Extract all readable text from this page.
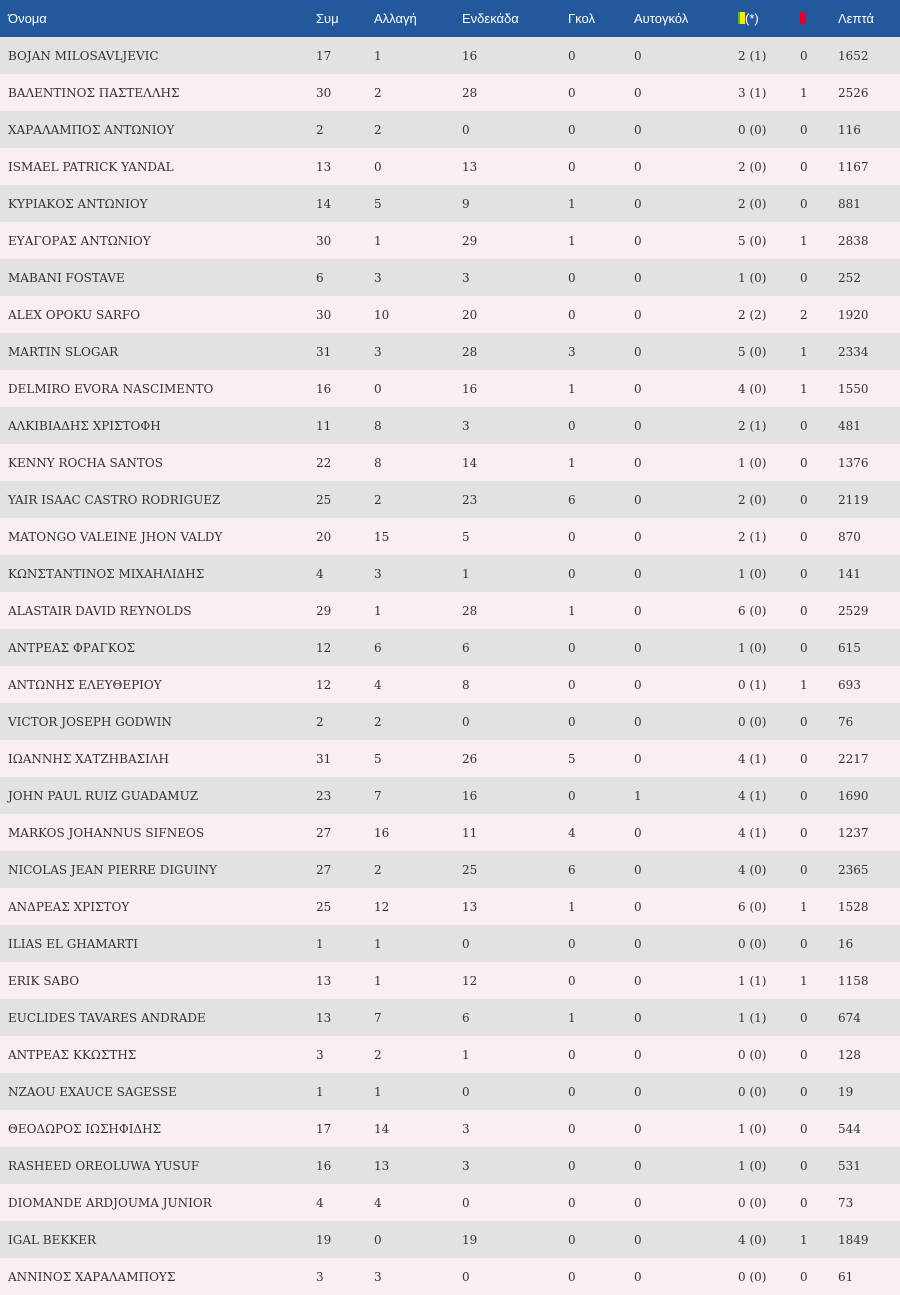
Όνομα	Συμ	Αλλαγή	Ενδεκάδα	Γκολ	Αυτογκόλ	(*)		Λεπτά
BOJAN MILOSAVLJEVIC	17	1	16	0	0	2 (1)	0	1652
ΒΑΛΕΝΤΙΝΟΣ ΠΑΣΤΕΛΛΗΣ	30	2	28	0	0	3 (1)	1	2526
ΧΑΡΑΛΑΜΠΟΣ ΑΝΤΩΝΙΟΥ	2	2	0	0	0	0 (0)	0	116
ISMAEL PATRICK YANDAL	13	0	13	0	0	2 (0)	0	1167
ΚΥΡΙΑΚΟΣ ΑΝΤΩΝΙΟΥ	14	5	9	1	0	2 (0)	0	881
ΕΥΑΓΟΡΑΣ ΑΝΤΩΝΙΟΥ	30	1	29	1	0	5 (0)	1	2838
MABANI FOSTAVE	6	3	3	0	0	1 (0)	0	252
ALEX OPOKU SARFO	30	10	20	0	0	2 (2)	2	1920
MARTIN SLOGAR	31	3	28	3	0	5 (0)	1	2334
DELMIRO EVORA NASCIMENTO	16	0	16	1	0	4 (0)	1	1550
ΑΛΚΙΒΙΑΔΗΣ ΧΡΙΣΤΟΦΗ	11	8	3	0	0	2 (1)	0	481
KENNY ROCHA SANTOS	22	8	14	1	0	1 (0)	0	1376
YAIR ISAAC CASTRO RODRIGUEZ	25	2	23	6	0	2 (0)	0	2119
MATONGO VALEINE JHON VALDY	20	15	5	0	0	2 (1)	0	870
ΚΩΝΣΤΑΝΤΙΝΟΣ ΜΙΧΑΗΛΙΔΗΣ	4	3	1	0	0	1 (0)	0	141
ALASTAIR DAVID REYNOLDS	29	1	28	1	0	6 (0)	0	2529
ΑΝΤΡΕΑΣ ΦΡΑΓΚΟΣ	12	6	6	0	0	1 (0)	0	615
ΑΝΤΩΝΗΣ ΕΛΕΥΘΕΡΙΟΥ	12	4	8	0	0	0 (1)	1	693
VICTOR JOSEPH GODWIN	2	2	0	0	0	0 (0)	0	76
ΙΩΑΝΝΗΣ ΧΑΤΖΗΒΑΣΙΛΗ	31	5	26	5	0	4 (1)	0	2217
JOHN PAUL RUIZ GUADAMUZ	23	7	16	0	1	4 (1)	0	1690
MARKOS JOHANNUS SIFNEOS	27	16	11	4	0	4 (1)	0	1237
NICOLAS JEAN PIERRE DIGUINY	27	2	25	6	0	4 (0)	0	2365
ΑΝΔΡΕΑΣ ΧΡΙΣΤΟΥ	25	12	13	1	0	6 (0)	1	1528
ILIAS EL GHAMARTI	1	1	0	0	0	0 (0)	0	16
ERIK SABO	13	1	12	0	0	1 (1)	1	1158
EUCLIDES TAVARES ANDRADE	13	7	6	1	0	1 (1)	0	674
ΑΝΤΡΕΑΣ ΚΚΩΣΤΗΣ	3	2	1	0	0	0 (0)	0	128
NZAOU EXAUCE SAGESSE	1	1	0	0	0	0 (0)	0	19
ΘΕΟΔΩΡΟΣ ΙΩΣΗΦΙΔΗΣ	17	14	3	0	0	1 (0)	0	544
RASHEED OREOLUWA YUSUF	16	13	3	0	0	1 (0)	0	531
DIOMANDE ARDJOUMA JUNIOR	4	4	0	0	0	0 (0)	0	73
IGAL BEKKER	19	0	19	0	0	4 (0)	1	1849
ΑΝΝΙΝΟΣ ΧΑΡΑΛΑΜΠΟΥΣ	3	3	0	0	0	0 (0)	0	61
